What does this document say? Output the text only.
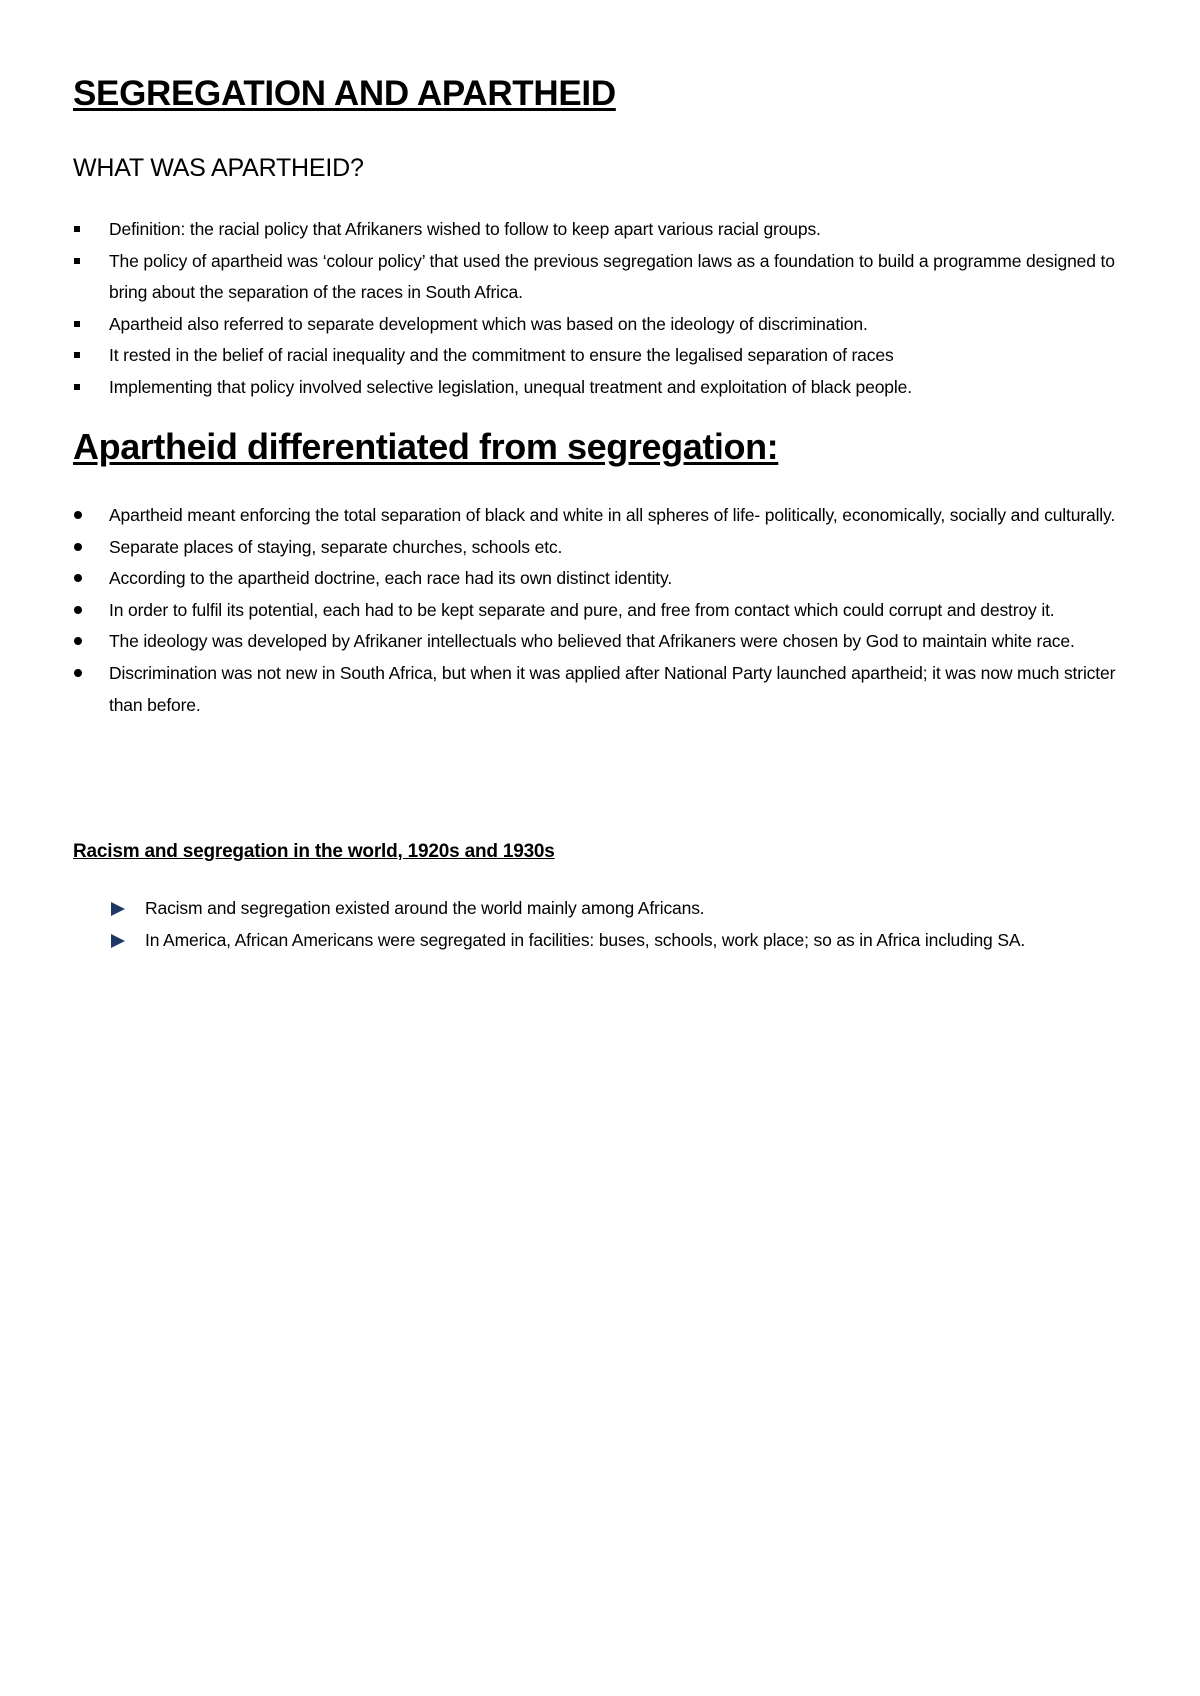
SEGREGATION AND APARTHEID
WHAT WAS APARTHEID?
Definition: the racial policy that Afrikaners wished to follow to keep apart various racial groups.
The policy of apartheid was ‘colour policy’ that used the previous segregation laws as a foundation to build a programme designed to bring about the separation of the races in South Africa.
Apartheid also referred to separate development which was based on the ideology of discrimination.
It rested in the belief of racial inequality and the commitment to ensure the legalised separation of races
Implementing that policy involved selective legislation, unequal treatment and exploitation of black people.
Apartheid differentiated from segregation:
Apartheid meant enforcing the total separation of black and white in all spheres of life- politically, economically, socially and culturally.
Separate places of staying, separate churches, schools etc.
According to the apartheid doctrine, each race had its own distinct identity.
In order to fulfil its potential, each had to be kept separate and pure, and free from contact which could corrupt and destroy it.
The ideology was developed by Afrikaner intellectuals who believed that Afrikaners were chosen by God to maintain white race.
Discrimination was not new in South Africa, but when it was applied after National Party launched apartheid; it was now much stricter than before.
Racism and segregation in the world, 1920s and 1930s
Racism and segregation existed around the world mainly among Africans.
In America, African Americans were segregated in facilities: buses, schools, work place; so as in Africa including SA.
